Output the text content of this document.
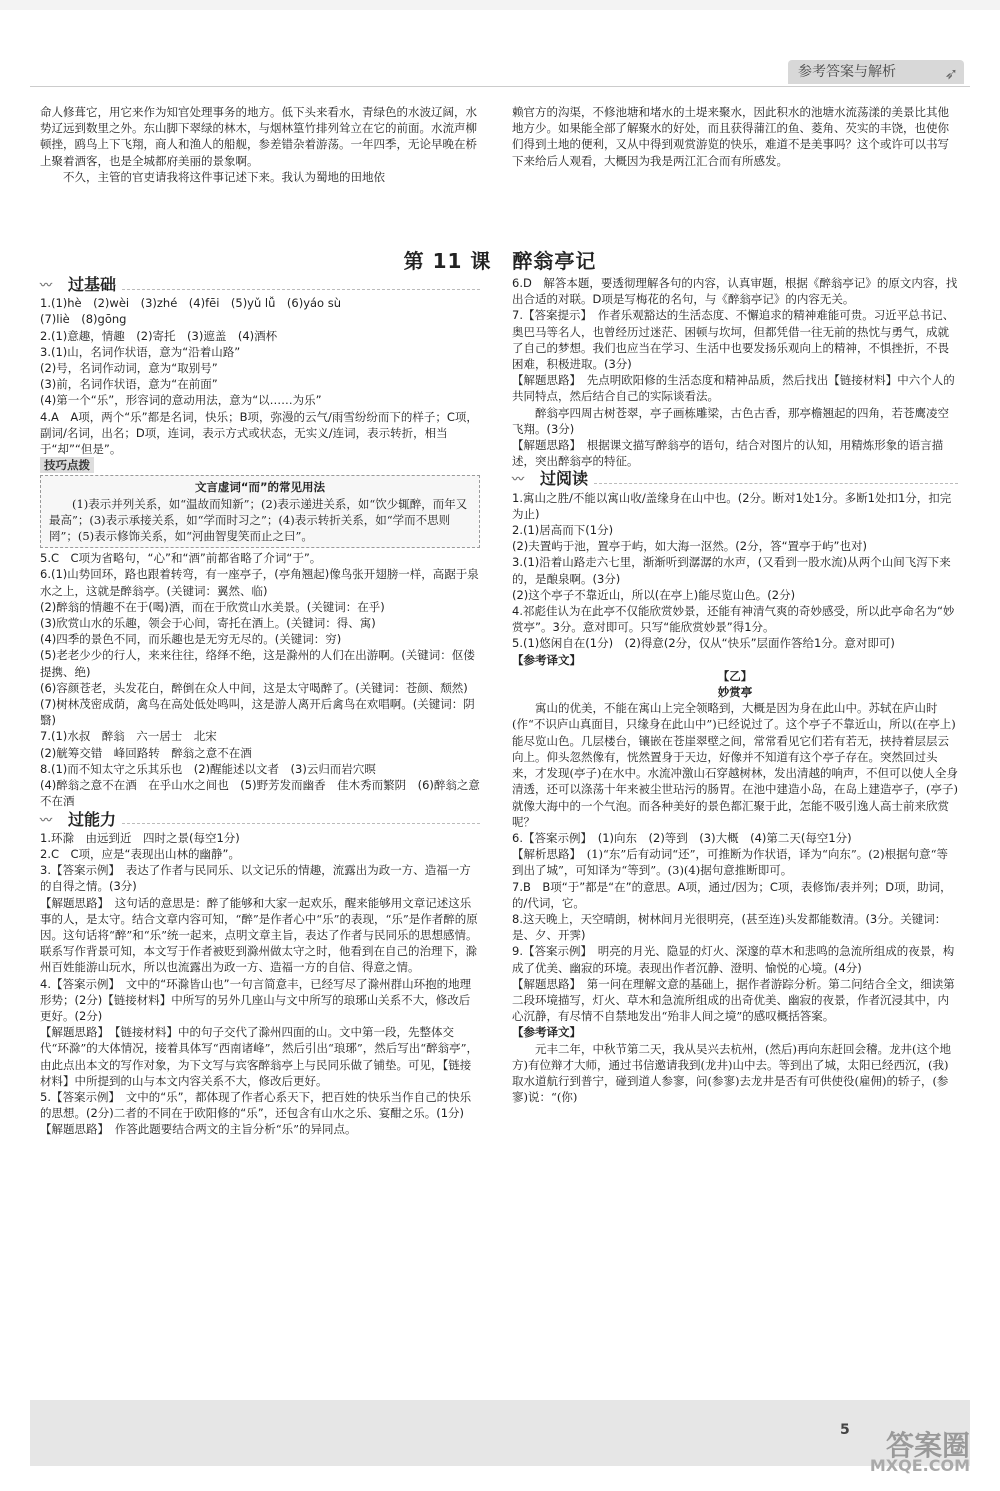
参考答案与解析	➶

命人修葺它，用它来作为知官处理事务的地方。低下头来看水，青绿色的水波辽阔，水势辽远到数里之外。东山脚下翠绿的林木，与烟林篁竹排列耸立在它的前面。水流声柳顿挫，鸥鸟上下飞翔，商人和渔人的船舰，参差错杂着游荡。一年四季，无论早晚在桥上聚着酒客，也是全城都府美丽的景象啊。

不久，主管的官吏请我将这件事记述下来。我认为蜀地的田地依

赖官方的沟渠，不修池塘和堵水的土堤来聚水，因此积水的池塘水流荡漾的美景比其他地方少。如果能全部了解聚水的好处，而且获得蒲江的鱼、菱角、芡实的丰饶，也使你们得到土地的便利，又从中得到观赏游览的快乐，难道不是美事吗？这个或许可以书写下来给后人观看，大概因为我是两江汇合而有所感发。

第 11 课　醉翁亭记
〰 过基础

1.(1)hè　(2)wèi　(3)zhé　(4)fēi　(5)yǔ lǚ　(6)yáo sù

(7)liè　(8)gōng

2.(1)意趣，情趣　(2)寄托　(3)遮盖　(4)酒杯

3.(1)山，名词作状语，意为“沿着山路”

(2)号，名词作动词，意为“取别号”

(3)前，名词作状语，意为“在前面”

(4)第一个“乐”，形容词的意动用法，意为“以……为乐”

4.A　A项，两个“乐”都是名词，快乐；B项，弥漫的云气/雨雪纷纷而下的样子；C项，副词/名词，出名；D项，连词，表示方式或状态，无实义/连词，表示转折，相当于“却”“但是”。

技巧点拨
文言虚词“而”的常见用法

(1)表示并列关系，如“温故而知新”；(2)表示递进关系，如“饮少辄醉，而年又最高”；(3)表示承接关系，如“学而时习之”；(4)表示转折关系，如“学而不思则罔”；(5)表示修饰关系，如“河曲智叟笑而止之曰”。

5.C　C项为省略句，“心”和“酒”前都省略了介词“于”。

6.(1)山势回环，路也跟着转弯，有一座亭子，(亭角翘起)像鸟张开翅膀一样，高踞于泉水之上，这就是醉翁亭。(关键词：翼然、临)

(2)醉翁的情趣不在于(喝)酒，而在于欣赏山水美景。(关键词：在乎)

(3)欣赏山水的乐趣，领会于心间，寄托在酒上。(关键词：得、寓)

(4)四季的景色不同，而乐趣也是无穷无尽的。(关键词：穷)

(5)老老少少的行人，来来往往，络绎不绝，这是滁州的人们在出游啊。(关键词：伛偻提携、绝)

(6)容颜苍老，头发花白，醉倒在众人中间，这是太守喝醉了。(关键词：苍颜、颓然)

(7)树林茂密成荫，禽鸟在高处低处鸣叫，这是游人离开后禽鸟在欢唱啊。(关键词：阴翳)

7.(1)水叔　醉翁　六一居士　北宋

(2)觥筹交错　峰回路转　醉翁之意不在酒

8.(1)而不知太守之乐其乐也　(2)醒能述以文者　(3)云归而岩穴暝

(4)醉翁之意不在酒　在乎山水之间也　(5)野芳发而幽香　佳木秀而繁阴　(6)醉翁之意不在酒

〰 过能力

1.环滁　由远到近　四时之景(每空1分)

2.C　C项，应是“表现出山林的幽静”。

3.【答案示例】　表达了作者与民同乐、以文记乐的情趣，流露出为政一方、造福一方的自得之情。(3分)

【解题思路】　这句话的意思是：醉了能够和大家一起欢乐，醒来能够用文章记述这乐事的人，是太守。结合文章内容可知，“醉”是作者心中“乐”的表现，“乐”是作者醉的原因。这句话将“醉”和“乐”统一起来，点明文章主旨，表达了作者与民同乐的思想感情。联系写作背景可知，本文写于作者被贬到滁州做太守之时，他看到在自己的治理下，滁州百姓能游山玩水，所以也流露出为政一方、造福一方的自信、得意之情。

4.【答案示例】　文中的“环滁皆山也”一句言简意丰，已经写尽了滁州群山环抱的地理形势；(2分)【链接材料】中所写的另外几座山与文中所写的琅琊山关系不大，修改后更好。(2分)

【解题思路】　【链接材料】中的句子交代了滁州四面的山。文中第一段，先整体交代“环滁”的大体情况，接着具体写“西南诸峰”，然后引出“琅琊”，然后写出“醉翁亭”，由此点出本文的写作对象，为下文写与宾客醉翁亭上与民同乐做了铺垫。可见，【链接材料】中所提到的山与本文内容关系不大，修改后更好。

5.【答案示例】　文中的“乐”，都体现了作者心系天下，把百姓的快乐当作自己的快乐的思想。(2分)二者的不同在于欧阳修的“乐”，还包含有山水之乐、宴酣之乐。(1分)

【解题思路】　作答此题要结合两文的主旨分析“乐”的异同点。

6.D　解答本题，要透彻理解各句的内容，认真审题，根据《醉翁亭记》的原文内容，找出合适的对联。D项是写梅花的名句，与《醉翁亭记》的内容无关。

7.【答案提示】　作者乐观豁达的生活态度、不懈追求的精神难能可贵。习近平总书记、奥巴马等名人，也曾经历过迷茫、困顿与坎坷，但都凭借一往无前的热忱与勇气，成就了自己的梦想。我们也应当在学习、生活中也要发扬乐观向上的精神，不惧挫折，不畏困难，积极进取。(3分)

【解题思路】　先点明欧阳修的生活态度和精神品质，然后找出【链接材料】中六个人的共同特点，然后结合自己的实际谈看法。

醉翁亭四周古树苍翠，亭子画栋雕梁，古色古香，那亭檐翘起的四角，若苍鹰凌空飞翔。(3分)

【解题思路】　根据课文描写醉翁亭的语句，结合对图片的认知，用精炼形象的语言描述，突出醉翁亭的特征。

〰 过阅读

1.寓山之胜/不能以寓山收/盖缘身在山中也。(2分。断对1处1分。多断1处扣1分，扣完为止)

2.(1)居高而下(1分)

(2)夫置屿于池，置亭于屿，如大海一沤然。(2分，答“置亭于屿”也对)

3.(1)沿着山路走六七里，渐渐听到潺潺的水声，(又看到一股水流)从两个山间飞泻下来的，是酿泉啊。(3分)

(2)这个亭子不靠近山，所以(在亭上)能尽览山色。(2分)

4.祁彪佳认为在此亭不仅能欣赏妙景，还能有神清气爽的奇妙感受，所以此亭命名为“妙赏亭”。3分。意对即可。只写“能欣赏妙景”得1分。

5.(1)悠闲自在(1分)　(2)得意(2分，仅从“快乐”层面作答给1分。意对即可)

【参考译文】

【乙】

妙赏亭

寓山的优美，不能在寓山上完全领略到，大概是因为身在此山中。苏轼在庐山时(作“不识庐山真面目，只缘身在此山中”)已经说过了。这个亭子不靠近山，所以(在亭上)能尽览山色。几层楼台，镶嵌在苍崖翠壁之间，常常看见它们若有若无，挟持着层层云向上。仰头忽然像有，恍然置身于天边，好像并不知道有这个亭子存在。突然回过头来，才发现(亭子)在水中。水流冲激山石穿越树林，发出清越的响声，不但可以使人全身清透，还可以涤荡十年来被尘世玷污的肠胃。在池中建造小岛，在岛上建造亭子，(亭子)就像大海中的一个气泡。而各种美好的景色都汇聚于此，怎能不吸引逸人高士前来欣赏呢？

6.【答案示例】　(1)向东　(2)等到　(3)大概　(4)第二天(每空1分)

【解析思路】　(1)“东”后有动词“还”，可推断为作状语，译为“向东”。(2)根据句意“等到出了城”，可知译为“等到”。(3)(4)据句意推断即可。

7.B　B项“于”都是“在”的意思。A项，通过/因为；C项，表修饰/表并列；D项，助词，的/代词，它。

8.这天晚上，天空晴朗，树林间月光很明亮，(甚至连)头发都能数清。(3分。关键词：是、夕、开霁)

9.【答案示例】　明亮的月光、隐显的灯火、深邃的草木和悲鸣的急流所组成的夜景，构成了优美、幽寂的环境。表现出作者沉静、澄明、愉悦的心境。(4分)

【解题思路】　第一问在理解文意的基础上，据作者游踪分析。第二问结合全文，细读第二段环境描写，灯火、草木和急流所组成的出奇优美、幽寂的夜景，作者沉浸其中，内心沉静，有尽情不自禁地发出“殆非人间之境”的感叹概括答案。

【参考译文】

元丰二年，中秋节第二天，我从吴兴去杭州，(然后)再向东赶回会稽。龙井(这个地方)有位辩才大师，通过书信邀请我到(龙井)山中去。等到出了城，太阳已经西沉，(我)取水道航行到普宁，碰到道人参寥，问(参寥)去龙井是否有可供使役(雇佣)的轿子，(参寥)说：“(你)

5 答案圈
MXQE.COM
